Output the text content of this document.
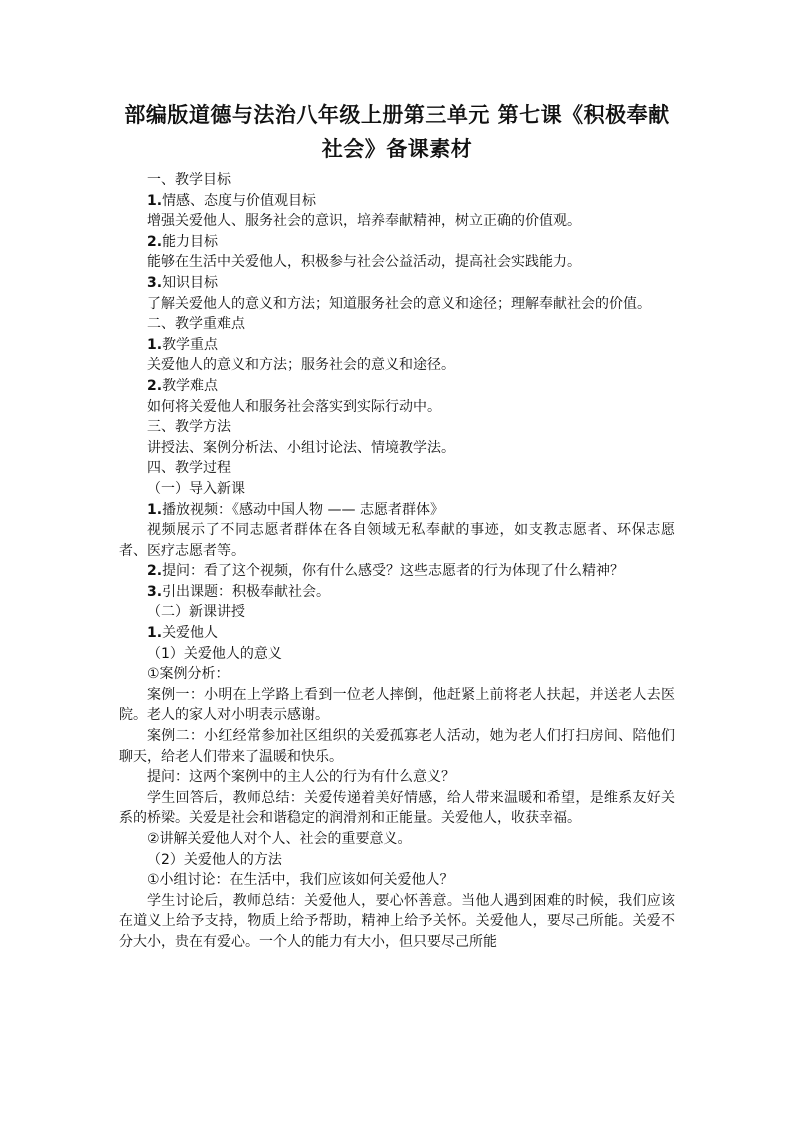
部编版道德与法治八年级上册第三单元 第七课《积极奉献社会》备课素材

一、教学目标

1.情感、态度与价值观目标

增强关爱他人、服务社会的意识，培养奉献精神，树立正确的价值观。

2.能力目标

能够在生活中关爱他人，积极参与社会公益活动，提高社会实践能力。

3.知识目标

了解关爱他人的意义和方法；知道服务社会的意义和途径；理解奉献社会的价值。

二、教学重难点

1.教学重点

关爱他人的意义和方法；服务社会的意义和途径。

2.教学难点

如何将关爱他人和服务社会落实到实际行动中。

三、教学方法

讲授法、案例分析法、小组讨论法、情境教学法。

四、教学过程

（一）导入新课

1.播放视频：《感动中国人物 —— 志愿者群体》

视频展示了不同志愿者群体在各自领域无私奉献的事迹，如支教志愿者、环保志愿者、医疗志愿者等。

2.提问：看了这个视频，你有什么感受？这些志愿者的行为体现了什么精神？

3.引出课题：积极奉献社会。

（二）新课讲授

1.关爱他人

（1）关爱他人的意义

①案例分析：

案例一：小明在上学路上看到一位老人摔倒，他赶紧上前将老人扶起，并送老人去医院。老人的家人对小明表示感谢。

案例二：小红经常参加社区组织的关爱孤寡老人活动，她为老人们打扫房间、陪他们聊天，给老人们带来了温暖和快乐。

提问：这两个案例中的主人公的行为有什么意义？

学生回答后，教师总结：关爱传递着美好情感，给人带来温暖和希望，是维系友好关系的桥梁。关爱是社会和谐稳定的润滑剂和正能量。关爱他人，收获幸福。

②讲解关爱他人对个人、社会的重要意义。

（2）关爱他人的方法

①小组讨论：在生活中，我们应该如何关爱他人？

学生讨论后，教师总结：关爱他人，要心怀善意。当他人遇到困难的时候，我们应该在道义上给予支持，物质上给予帮助，精神上给予关怀。关爱他人，要尽己所能。关爱不分大小，贵在有爱心。一个人的能力有大小，但只要尽己所能
